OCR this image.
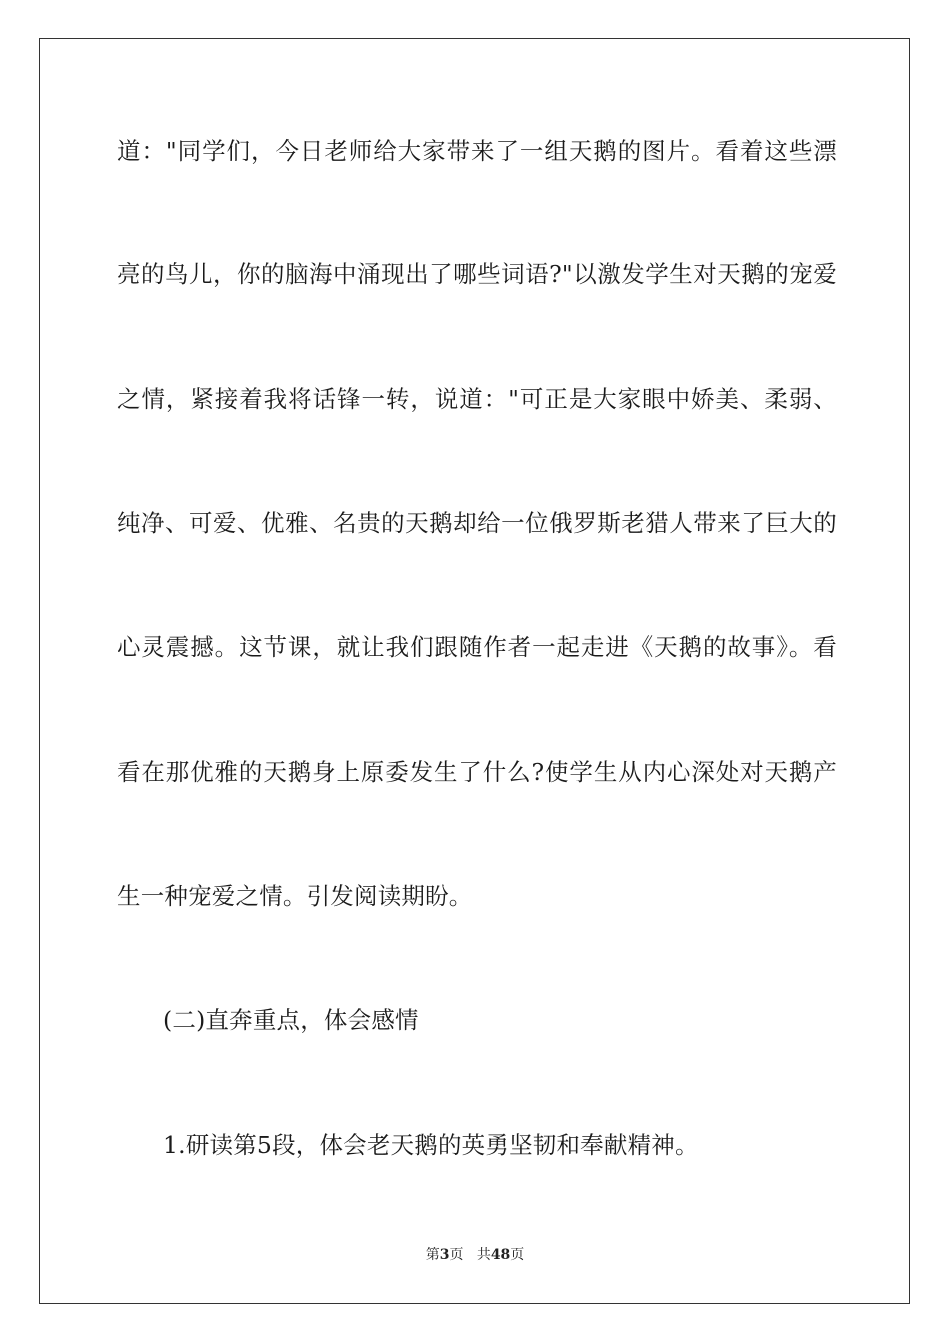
道："同学们，今日老师给大家带来了一组天鹅的图片。看着这些漂
亮的鸟儿，你的脑海中涌现出了哪些词语?"以激发学生对天鹅的宠爱
之情，紧接着我将话锋一转，说道："可正是大家眼中娇美、柔弱、
纯净、可爱、优雅、名贵的天鹅却给一位俄罗斯老猎人带来了巨大的
心灵震撼。这节课，就让我们跟随作者一起走进《天鹅的故事》。看
看在那优雅的天鹅身上原委发生了什么?使学生从内心深处对天鹅产
生一种宠爱之情。引发阅读期盼。
(二)直奔重点，体会感情
1.研读第5段，体会老天鹅的英勇坚韧和奉献精神。
第3页 共48页
